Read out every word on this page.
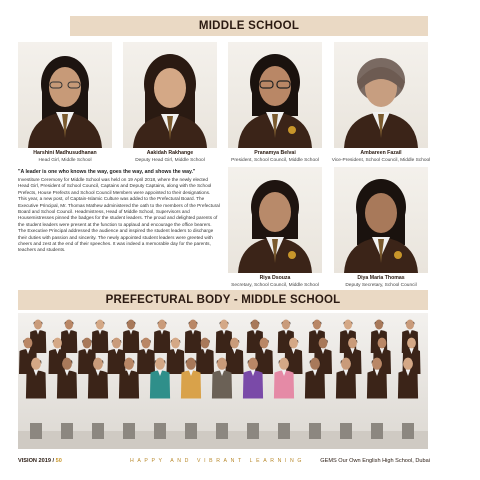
MIDDLE SCHOOL
Harshini Madhusudhanan
Head Girl, Middle School
Aakidah Rakhange
Deputy Head Girl, Middle School
Pranamya Belvai
President, School Council, Middle School
Ambareen Fazail
Vice-President, School Council, Middle School
"A leader is one who knows the way, goes the way, and shows the way."
Investiture Ceremony for Middle School was held on 19 April 2018, where the newly elected Head Girl, President of School Council, Captains and Deputy Captains, along with the School Prefects, House Prefects and School Council Members were appointed to their designations. This year, a new post, of Captain-Islamic Culture was added to the Prefectural Board. The Executive Principal, Mr. Thomas Mathew administered the oath to the members of the Prefectural Board and School Council. Headmistress, Head of Middle School, Supervisors and Housemistresses pinned the badges for the student leaders. The proud and delighted parents of the student leaders were present at the function to applaud and encourage the office bearers. The Executive Principal addressed the audience and inspired the student leaders to discharge their duties with passion and sincerity. The newly appointed student leaders were greeted with cheers and zest at the end of their speeches. It was indeed a memorable day for the parents, teachers and students.
Riya Dsouza
Secretary, School Council, Middle School
Diya Maria Thomas
Deputy Secretary, School Council
PREFECTURAL BODY - MIDDLE SCHOOL
VISION 2019 / 50	HAPPY AND VIBRANT LEARNING	GEMS Our Own English High School, Dubai
